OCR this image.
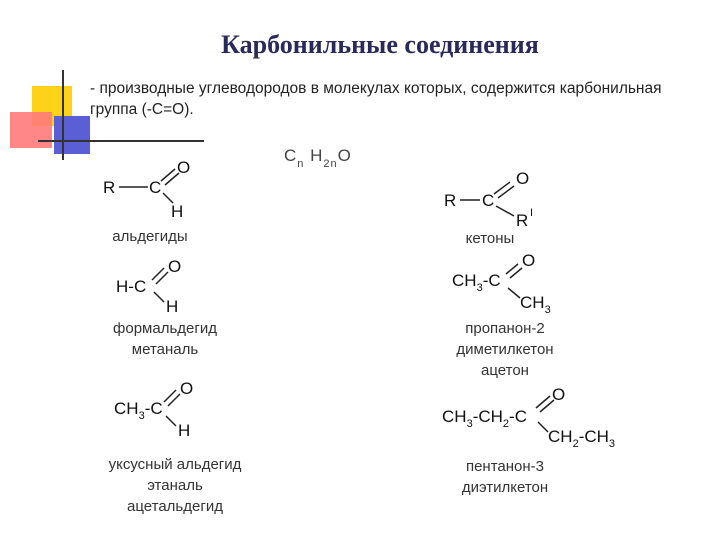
Карбонильные соединения
- производные углеводородов в молекулах которых, содержится карбонильная группа (-С=О).
$C_n$ $H_{2n}O$
R C
O
H
альдегиды
R C
O
R I
кетоны
H-C
O
H
формальдегид
метаналь
$CH_3-C$
O
$CH_3$
пропанон-2
диметилкетон
ацетон
$CH_3-C$
O
H
уксусный альдегид
этаналь
ацетальдегид
$CH_3-CH_2-C$
O
$CH_2-CH_3$
пентанон-3
диэтилкетон
